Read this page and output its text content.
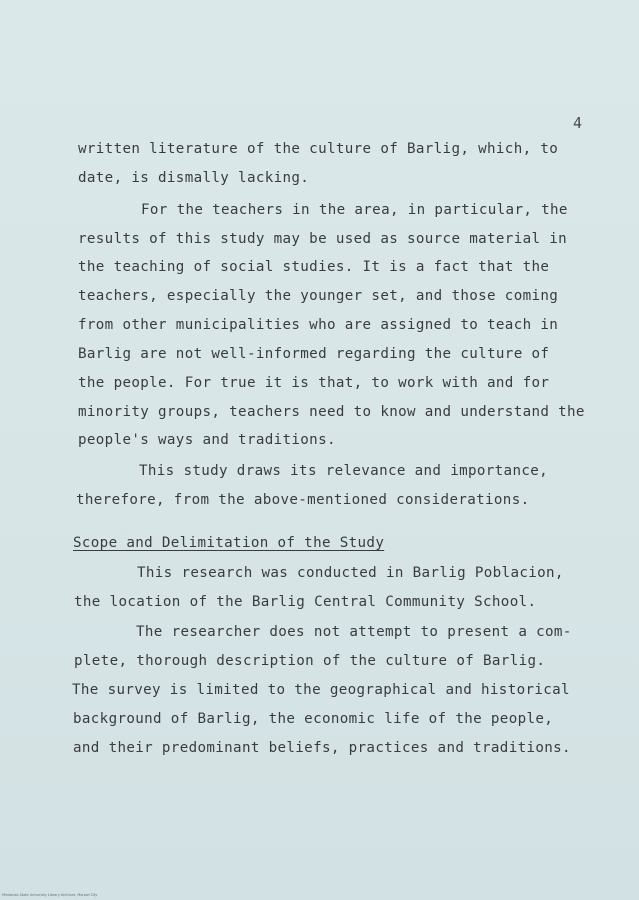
4
written literature of the culture of Barlig, which, to
date, is dismally lacking.
For the teachers in the area, in particular, the
results of this study may be used as source material in
the teaching of social studies. It is a fact that the
teachers, especially the younger set, and those coming
from other municipalities who are assigned to teach in
Barlig are not well-informed regarding the culture of
the people. For true it is that, to work with and for
minority groups, teachers need to know and understand the
people's ways and traditions.
This study draws its relevance and importance,
therefore, from the above-mentioned considerations.
Scope and Delimitation of the Study
This research was conducted in Barlig Poblacion,
the location of the Barlig Central Community School.
The researcher does not attempt to present a com-
plete, thorough description of the culture of Barlig.
The survey is limited to the geographical and historical
background of Barlig, the economic life of the people,
and their predominant beliefs, practices and traditions.
Mindanao State University Library Archives, Marawi City
